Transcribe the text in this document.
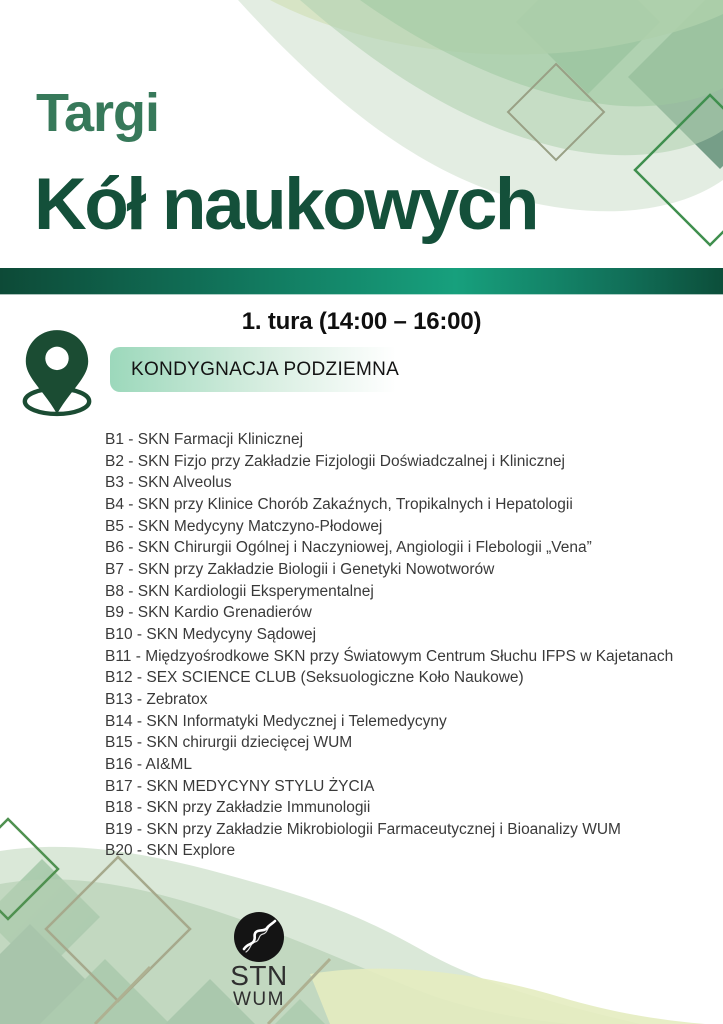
Targi
Kół naukowych
1. tura (14:00 – 16:00)
KONDYGNACJA PODZIEMNA
B1 - SKN Farmacji Klinicznej
B2 - SKN Fizjo przy Zakładzie Fizjologii Doświadczalnej i Klinicznej
B3 - SKN Alveolus
B4 - SKN przy Klinice Chorób Zakaźnych, Tropikalnych i Hepatologii
B5 - SKN Medycyny Matczyno-Płodowej
B6 - SKN Chirurgii Ogólnej i Naczyniowej, Angiologii i Flebologii „Vena”
B7 - SKN przy Zakładzie Biologii i Genetyki Nowotworów
B8 - SKN Kardiologii Eksperymentalnej
B9 - SKN Kardio Grenadierów
B10 - SKN Medycyny Sądowej
B11 - Międzyośrodkowe SKN przy Światowym Centrum Słuchu IFPS w Kajetanach
B12 - SEX SCIENCE CLUB (Seksuologiczne Koło Naukowe)
B13 - Zebratox
B14 - SKN Informatyki Medycznej i Telemedycyny
B15 - SKN chirurgii dziecięcej WUM
B16 - AI&ML
B17 - SKN MEDYCYNY STYLU ŻYCIA
B18 - SKN przy Zakładzie Immunologii
B19 - SKN przy Zakładzie Mikrobiologii Farmaceutycznej i Bioanalizy WUM
B20 - SKN Explore
STN
WUM
